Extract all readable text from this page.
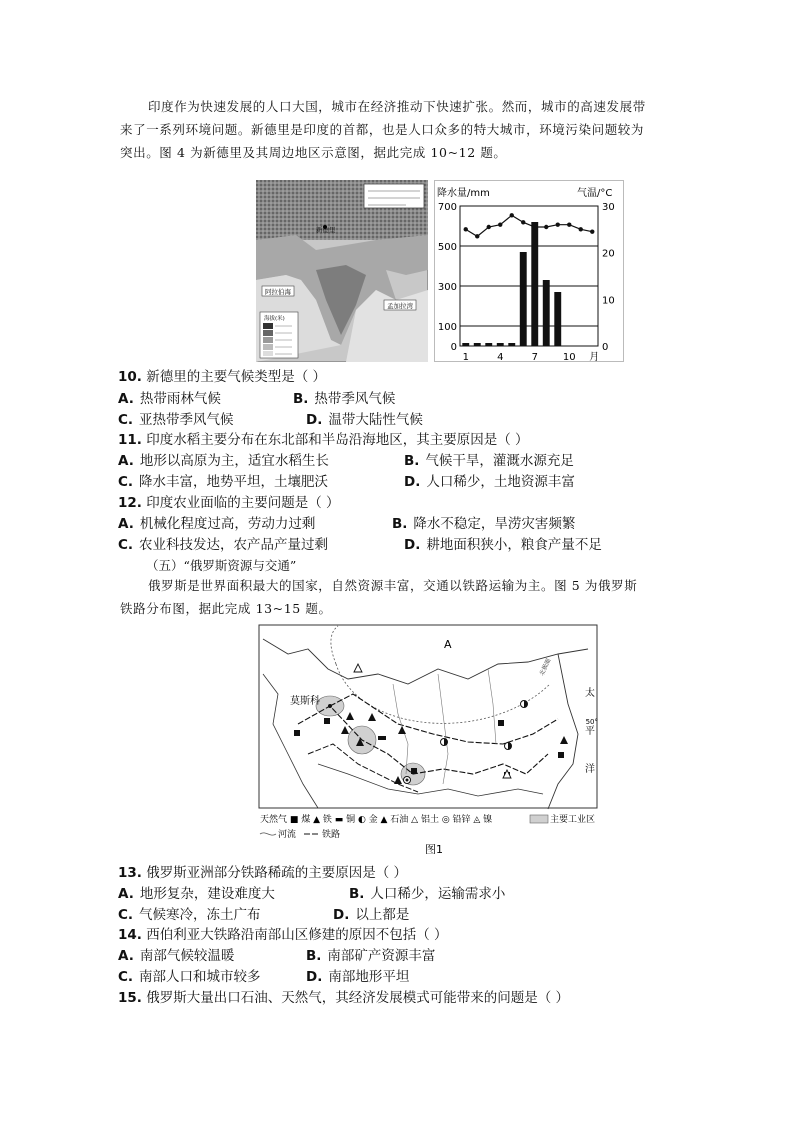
印度作为快速发展的人口大国，城市在经济推动下快速扩张。然而，城市的高速发展带
来了一系列环境问题。新德里是印度的首都，也是人口众多的特大城市，环境污染问题较为
突出。图 4 为新德里及其周边地区示意图，据此完成 10~12 题。
新德里
阿拉伯海
孟加拉湾
海拔(米)
降水量/mm	气温/°C
700
500
300
100
0
30
20
10
0
1	4	7 10 月
10. 新德里的主要气候类型是（ ）
A. 热带雨林气候	B. 热带季风气候
C. 亚热带季风气候	D. 温带大陆性气候
11. 印度水稻主要分布在东北部和半岛沿海地区，其主要原因是（ ）
A. 地形以高原为主，适宜水稻生长	B. 气候干旱，灌溉水源充足
C. 降水丰富，地势平坦，土壤肥沃	D. 人口稀少，土地资源丰富
12. 印度农业面临的主要问题是（ ）
A. 机械化程度过高，劳动力过剩	B. 降水不稳定，旱涝灾害频繁
C. 农业科技发达，农产品产量过剩	D. 耕地面积狭小，粮食产量不足
（五）“俄罗斯资源与交通”
俄罗斯是世界面积最大的国家，自然资源丰富，交通以铁路运输为主。图 5 为俄罗斯
铁路分布图，据此完成 13~15 题。
A
北极圈
莫斯科
太
平
洋
50°
天然气 ■ 煤 ▲ 铁 ▬ 铜 ◐ 金 ▲ 石油 △ 铝土 ◎ 铅锌 ◬ 镍	主要工业区
河流	铁路
图1
13. 俄罗斯亚洲部分铁路稀疏的主要原因是（ ）
A. 地形复杂，建设难度大	B. 人口稀少，运输需求小
C. 气候寒冷，冻土广布	D. 以上都是
14. 西伯利亚大铁路沿南部山区修建的原因不包括（ ）
A. 南部气候较温暖	B. 南部矿产资源丰富
C. 南部人口和城市较多	D. 南部地形平坦
15. 俄罗斯大量出口石油、天然气，其经济发展模式可能带来的问题是（ ）
